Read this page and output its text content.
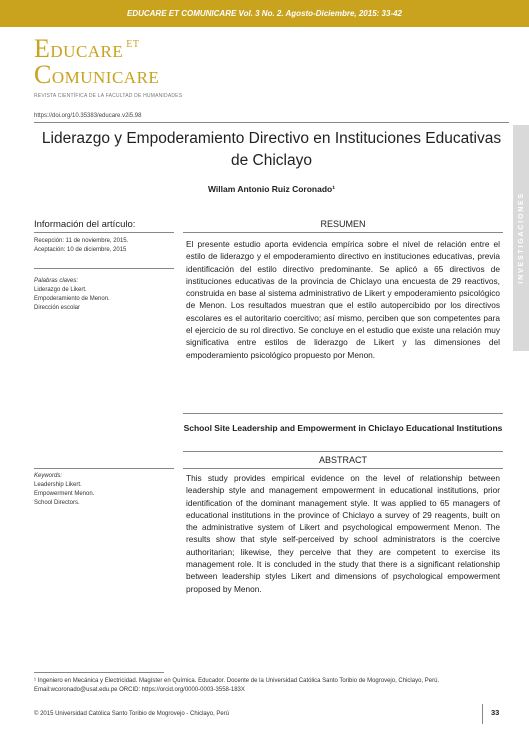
EDUCARE ET COMUNICARE Vol. 3 No. 2. Agosto-Diciembre, 2015: 33-42
EDUCARE $^{ET}$
COMUNICARE
REVISTA CIENTÍFICA DE LA FACULTAD DE HUMANIDADES
https://doi.org/10.35383/educare.v2i5.98
INVESTIGACIONES
Liderazgo y Empoderamiento Directivo en Instituciones Educativas de Chiclayo
Willam Antonio Ruiz Coronado¹
Información del artículo:	RESUMEN
Recepción: 11 de noviembre, 2015.
Aceptación: 10 de diciembre, 2015
Palabras claves:
Liderazgo de Likert.
Empoderamiento de Menon.
Dirección escolar
El presente estudio aporta evidencia empírica sobre el nivel de relación entre el estilo de liderazgo y el empoderamiento directivo en instituciones educativas, previa identificación del estilo directivo predominante. Se aplicó a 65 directivos de instituciones educativas de la provincia de Chiclayo una encuesta de 29 reactivos, construida en base al sistema administrativo de Likert y empoderamiento psicológico de Menon. Los resultados muestran que el estilo autopercibido por los directivos escolares es el autoritario coercitivo; así mismo, perciben que son competentes para el ejercicio de su rol directivo. Se concluye en el estudio que existe una relación muy significativa entre estilos de liderazgo de Likert y las dimensiones del empoderamiento psicológico propuesto por Menon.
School Site Leadership and Empowerment in Chiclayo Educational Institutions
ABSTRACT
Keywords:
Leadership Likert.
Empowerment Menon.
School Directors.
This study provides empirical evidence on the level of relationship between leadership style and management empowerment in educational institutions, prior identification of the dominant management style. It was applied to 65 managers of educational institutions in the province of Chiclayo a survey of 29 reagents, built on the administrative system of Likert and psychological empowerment Menon. The results show that style self-perceived by school administrators is the coercive authoritarian; likewise, they perceive that they are competent to exercise its management role. It is concluded in the study that there is a significant relationship between leadership styles Likert and dimensions of psychological empowerment proposed by Menon.
¹ Ingeniero en Mecánica y Electricidad. Magíster en Química. Educador. Docente de la Universidad Católica Santo Toribio de Mogrovejo, Chiclayo, Perú. Email:wcoronado@usat.edu.pe ORCID: https://orcid.org/0000-0003-3558-183X
© 2015 Universidad Católica Santo Toribio de Mogrovejo - Chiclayo, Perú	33
